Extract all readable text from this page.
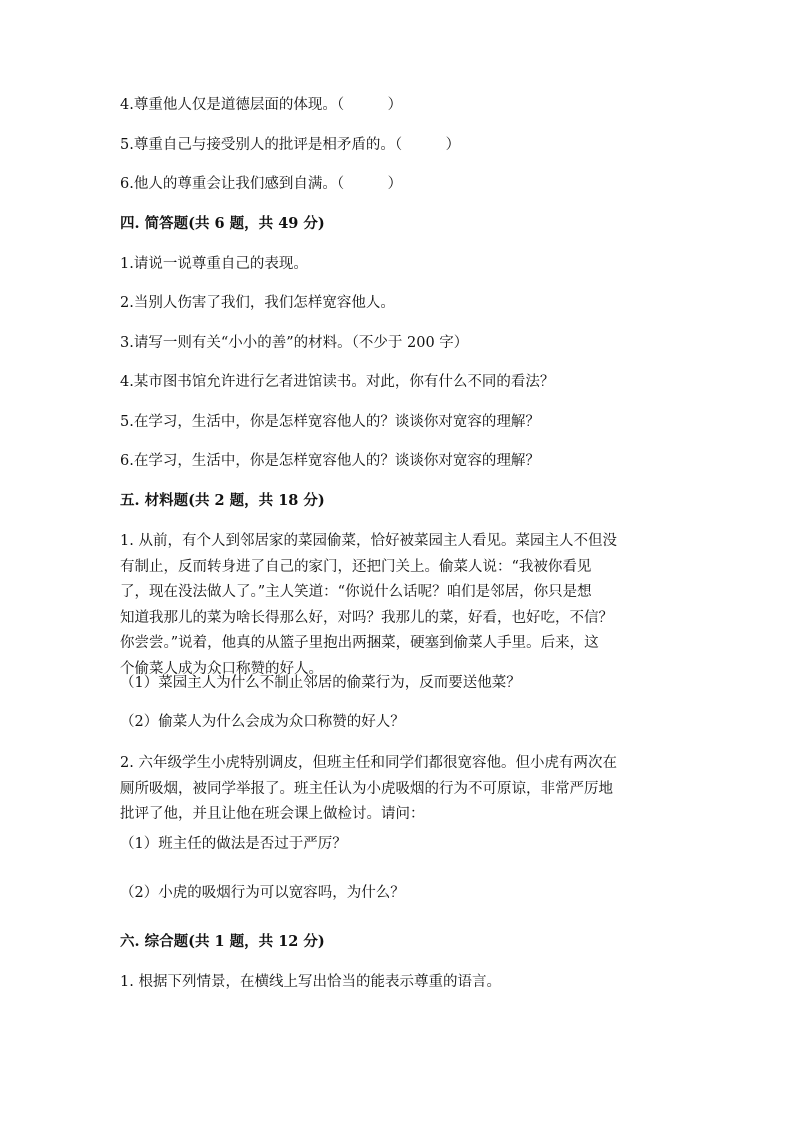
4.尊重他人仅是道德层面的体现。（　　　）
5.尊重自己与接受别人的批评是相矛盾的。（　　　）
6.他人的尊重会让我们感到自满。（　　　）
四. 简答题(共 6 题，共 49 分)
1.请说一说尊重自己的表现。
2.当别人伤害了我们，我们怎样宽容他人。
3.请写一则有关“小小的善”的材料。（不少于 200 字）
4.某市图书馆允许进行乞者进馆读书。对此，你有什么不同的看法？
5.在学习，生活中，你是怎样宽容他人的？谈谈你对宽容的理解？
6.在学习，生活中，你是怎样宽容他人的？谈谈你对宽容的理解？
五. 材料题(共 2 题，共 18 分)
1. 从前，有个人到邻居家的菜园偷菜，恰好被菜园主人看见。菜园主人不但没
有制止，反而转身进了自己的家门，还把门关上。偷菜人说：“我被你看见
了，现在没法做人了。”主人笑道：“你说什么话呢？咱们是邻居，你只是想
知道我那儿的菜为啥长得那么好，对吗？我那儿的菜，好看，也好吃，不信？
你尝尝。”说着，他真的从篮子里抱出两捆菜，硬塞到偷菜人手里。后来，这
个偷菜人成为众口称赞的好人。
（1）菜园主人为什么不制止邻居的偷菜行为，反而要送他菜？
（2）偷菜人为什么会成为众口称赞的好人？
2. 六年级学生小虎特别调皮，但班主任和同学们都很宽容他。但小虎有两次在
厕所吸烟，被同学举报了。班主任认为小虎吸烟的行为不可原谅，非常严厉地
批评了他，并且让他在班会课上做检讨。请问：
（1）班主任的做法是否过于严厉？
（2）小虎的吸烟行为可以宽容吗，为什么？
六. 综合题(共 1 题，共 12 分)
1. 根据下列情景，在横线上写出恰当的能表示尊重的语言。
